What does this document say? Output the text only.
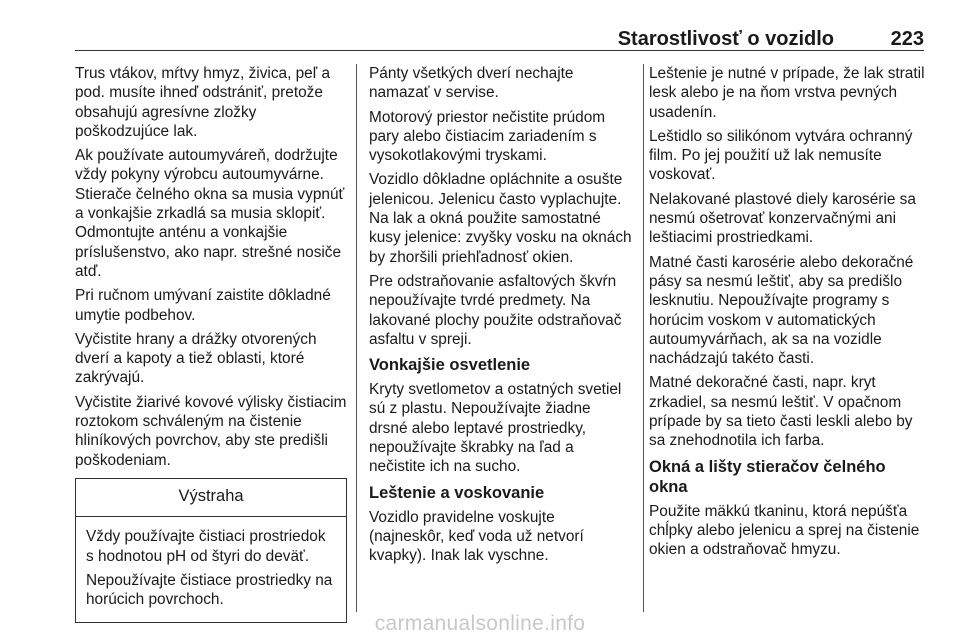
Starostlivosť o vozidlo	223

Trus vtákov, mŕtvy hmyz, živica, peľ a pod. musíte ihneď odstrániť, pretože obsahujú agresívne zložky poškodzujúce lak.

Ak používate autoumyváreň, dodržujte vždy pokyny výrobcu autoumyvárne. Stierače čelného okna sa musia vypnúť a vonkajšie zrkadlá sa musia sklopiť. Odmontujte anténu a vonkajšie príslušenstvo, ako napr. strešné nosiče atď.

Pri ručnom umývaní zaistite dôkladné umytie podbehov.

Vyčistite hrany a drážky otvorených dverí a kapoty a tiež oblasti, ktoré zakrývajú.

Vyčistite žiarivé kovové výlisky čistiacim roztokom schváleným na čistenie hliníkových povrchov, aby ste predišli poškodeniam.

Výstraha

Vždy používajte čistiaci prostriedok s hodnotou pH od štyri do deväť.

Nepoužívajte čistiace prostriedky na horúcich povrchoch.

Pánty všetkých dverí nechajte namazať v servise.

Motorový priestor nečistite prúdom pary alebo čistiacim zariadením s vysokotlakovými tryskami.

Vozidlo dôkladne opláchnite a osušte jelenicou. Jelenicu často vyplachujte. Na lak a okná použite samostatné kusy jelenice: zvyšky vosku na oknách by zhoršili priehľadnosť okien.

Pre odstraňovanie asfaltových škvŕn nepoužívajte tvrdé predmety. Na lakované plochy použite odstraňovač asfaltu v spreji.

Vonkajšie osvetlenie

Kryty svetlometov a ostatných svetiel sú z plastu. Nepoužívajte žiadne drsné alebo leptavé prostriedky, nepoužívajte škrabky na ľad a nečistite ich na sucho.

Leštenie a voskovanie

Vozidlo pravidelne voskujte (najneskôr, keď voda už netvorí kvapky). Inak lak vyschne.

Leštenie je nutné v prípade, že lak stratil lesk alebo je na ňom vrstva pevných usadenín.

Leštidlo so silikónom vytvára ochranný film. Po jej použití už lak nemusíte voskovať.

Nelakované plastové diely karosérie sa nesmú ošetrovať konzervačnými ani leštiacimi prostriedkami.

Matné časti karosérie alebo dekoračné pásy sa nesmú leštiť, aby sa predišlo lesknutiu. Nepoužívajte programy s horúcim voskom v automatických autoumyvárňach, ak sa na vozidle nachádzajú takéto časti.

Matné dekoračné časti, napr. kryt zrkadiel, sa nesmú leštiť. V opačnom prípade by sa tieto časti leskli alebo by sa znehodnotila ich farba.

Okná a lišty stieračov čelného okna

Použite mäkkú tkaninu, ktorá nepúšťa chĺpky alebo jelenicu a sprej na čistenie okien a odstraňovač hmyzu.

carmanualsonline.info
